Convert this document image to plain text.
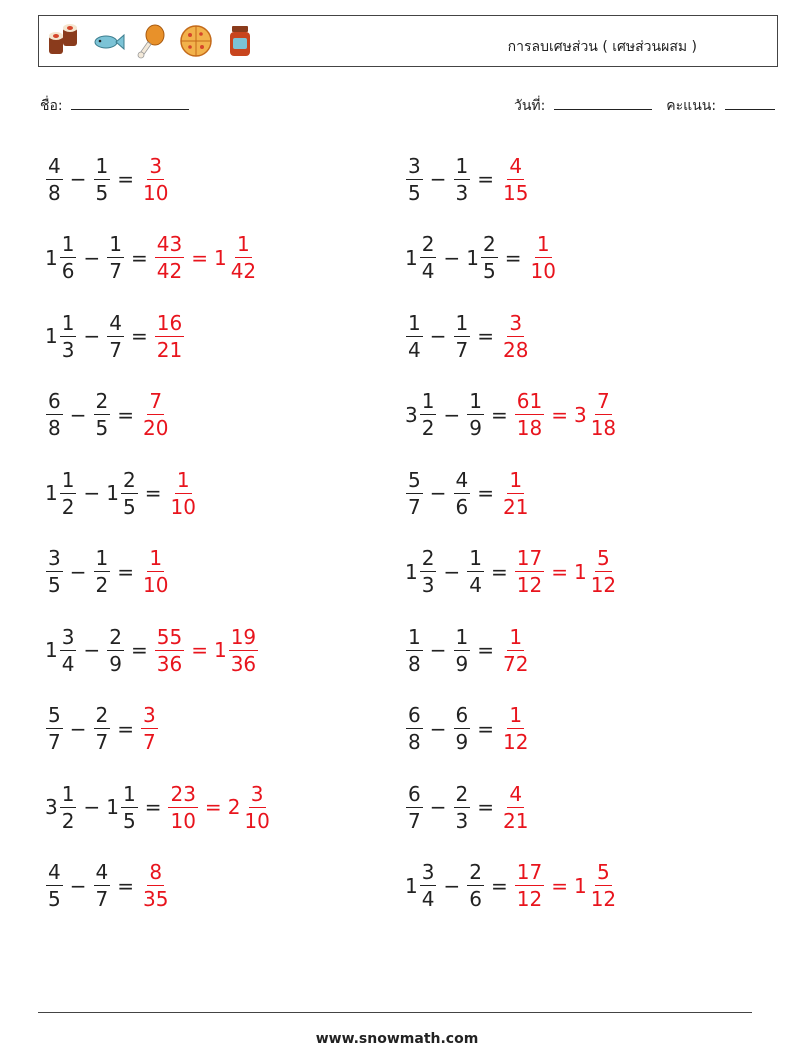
การลบเศษส่วน ( เศษส่วนผสม )
ชื่อ:	วันที่:	คะแนน:
$\frac{4}{8} - \frac{1}{5} = \frac{3}{10}$
$1 \frac{1}{6} - \frac{1}{7} = \frac{43}{42} = 1 \frac{1}{42}$
$1 \frac{1}{3} - \frac{4}{7} = \frac{16}{21}$
$\frac{6}{8} - \frac{2}{5} = \frac{7}{20}$
$1 \frac{1}{2} - 1 \frac{2}{5} = \frac{1}{10}$
$\frac{3}{5} - \frac{1}{2} = \frac{1}{10}$
$1 \frac{3}{4} - \frac{2}{9} = \frac{55}{36} = 1 \frac{19}{36}$
$\frac{5}{7} - \frac{2}{7} = \frac{3}{7}$
$3 \frac{1}{2} - 1 \frac{1}{5} = \frac{23}{10} = 2 \frac{3}{10}$
$\frac{4}{5} - \frac{4}{7} = \frac{8}{35}$
$\frac{3}{5} - \frac{1}{3} = \frac{4}{15}$
$1 \frac{2}{4} - 1 \frac{2}{5} = \frac{1}{10}$
$\frac{1}{4} - \frac{1}{7} = \frac{3}{28}$
$3 \frac{1}{2} - \frac{1}{9} = \frac{61}{18} = 3 \frac{7}{18}$
$\frac{5}{7} - \frac{4}{6} = \frac{1}{21}$
$1 \frac{2}{3} - \frac{1}{4} = \frac{17}{12} = 1 \frac{5}{12}$
$\frac{1}{8} - \frac{1}{9} = \frac{1}{72}$
$\frac{6}{8} - \frac{6}{9} = \frac{1}{12}$
$\frac{6}{7} - \frac{2}{3} = \frac{4}{21}$
$1 \frac{3}{4} - \frac{2}{6} = \frac{17}{12} = 1 \frac{5}{12}$
www.snowmath.com
